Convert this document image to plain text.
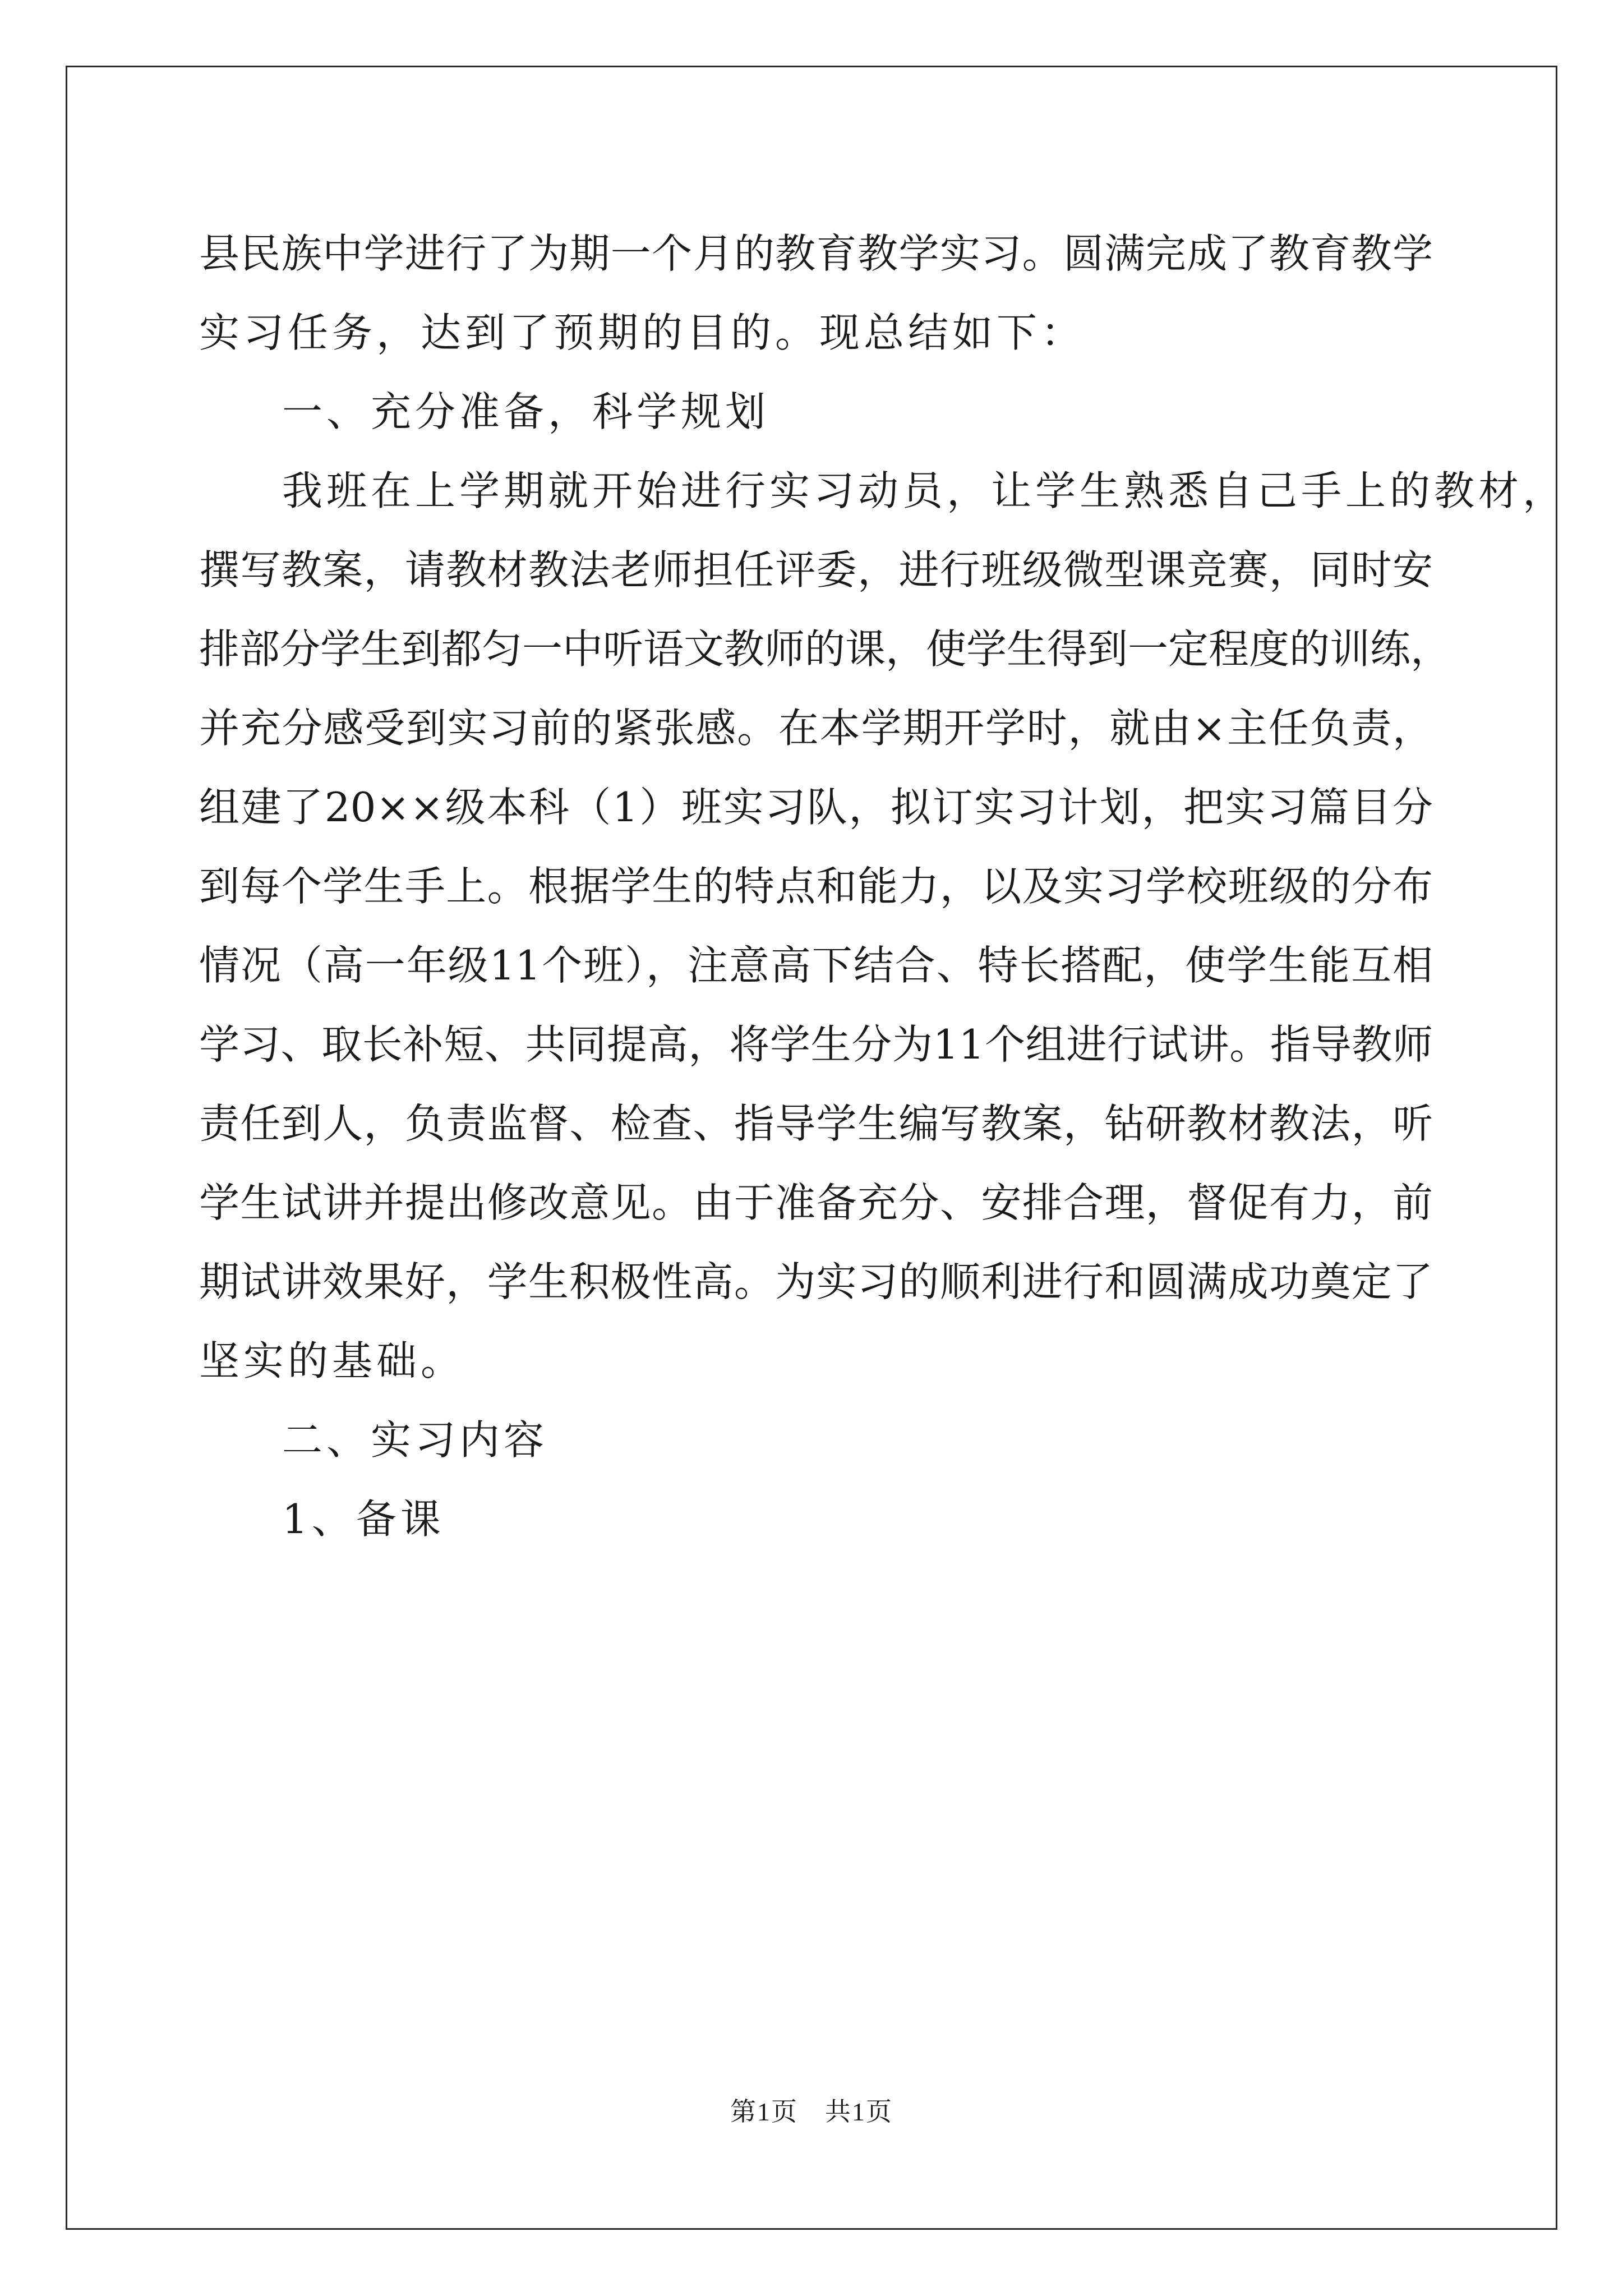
县民族中学进行了为期一个月的教育教学实习。圆满完成了教育教学
实习任务，达到了预期的目的。现总结如下：
一、充分准备，科学规划
我班在上学期就开始进行实习动员，让学生熟悉自己手上的教材，
撰写教案，请教材教法老师担任评委，进行班级微型课竞赛，同时安
排部分学生到都匀一中听语文教师的课，使学生得到一定程度的训练，
并充分感受到实习前的紧张感。在本学期开学时，就由×主任负责，
组建了20××级本科（1）班实习队，拟订实习计划，把实习篇目分
到每个学生手上。根据学生的特点和能力，以及实习学校班级的分布
情况（高一年级11个班），注意高下结合、特长搭配，使学生能互相
学习、取长补短、共同提高，将学生分为11个组进行试讲。指导教师
责任到人，负责监督、检查、指导学生编写教案，钻研教材教法，听
学生试讲并提出修改意见。由于准备充分、安排合理，督促有力，前
期试讲效果好，学生积极性高。为实习的顺利进行和圆满成功奠定了
坚实的基础。
二、实习内容
1、备课
第1页 共1页
